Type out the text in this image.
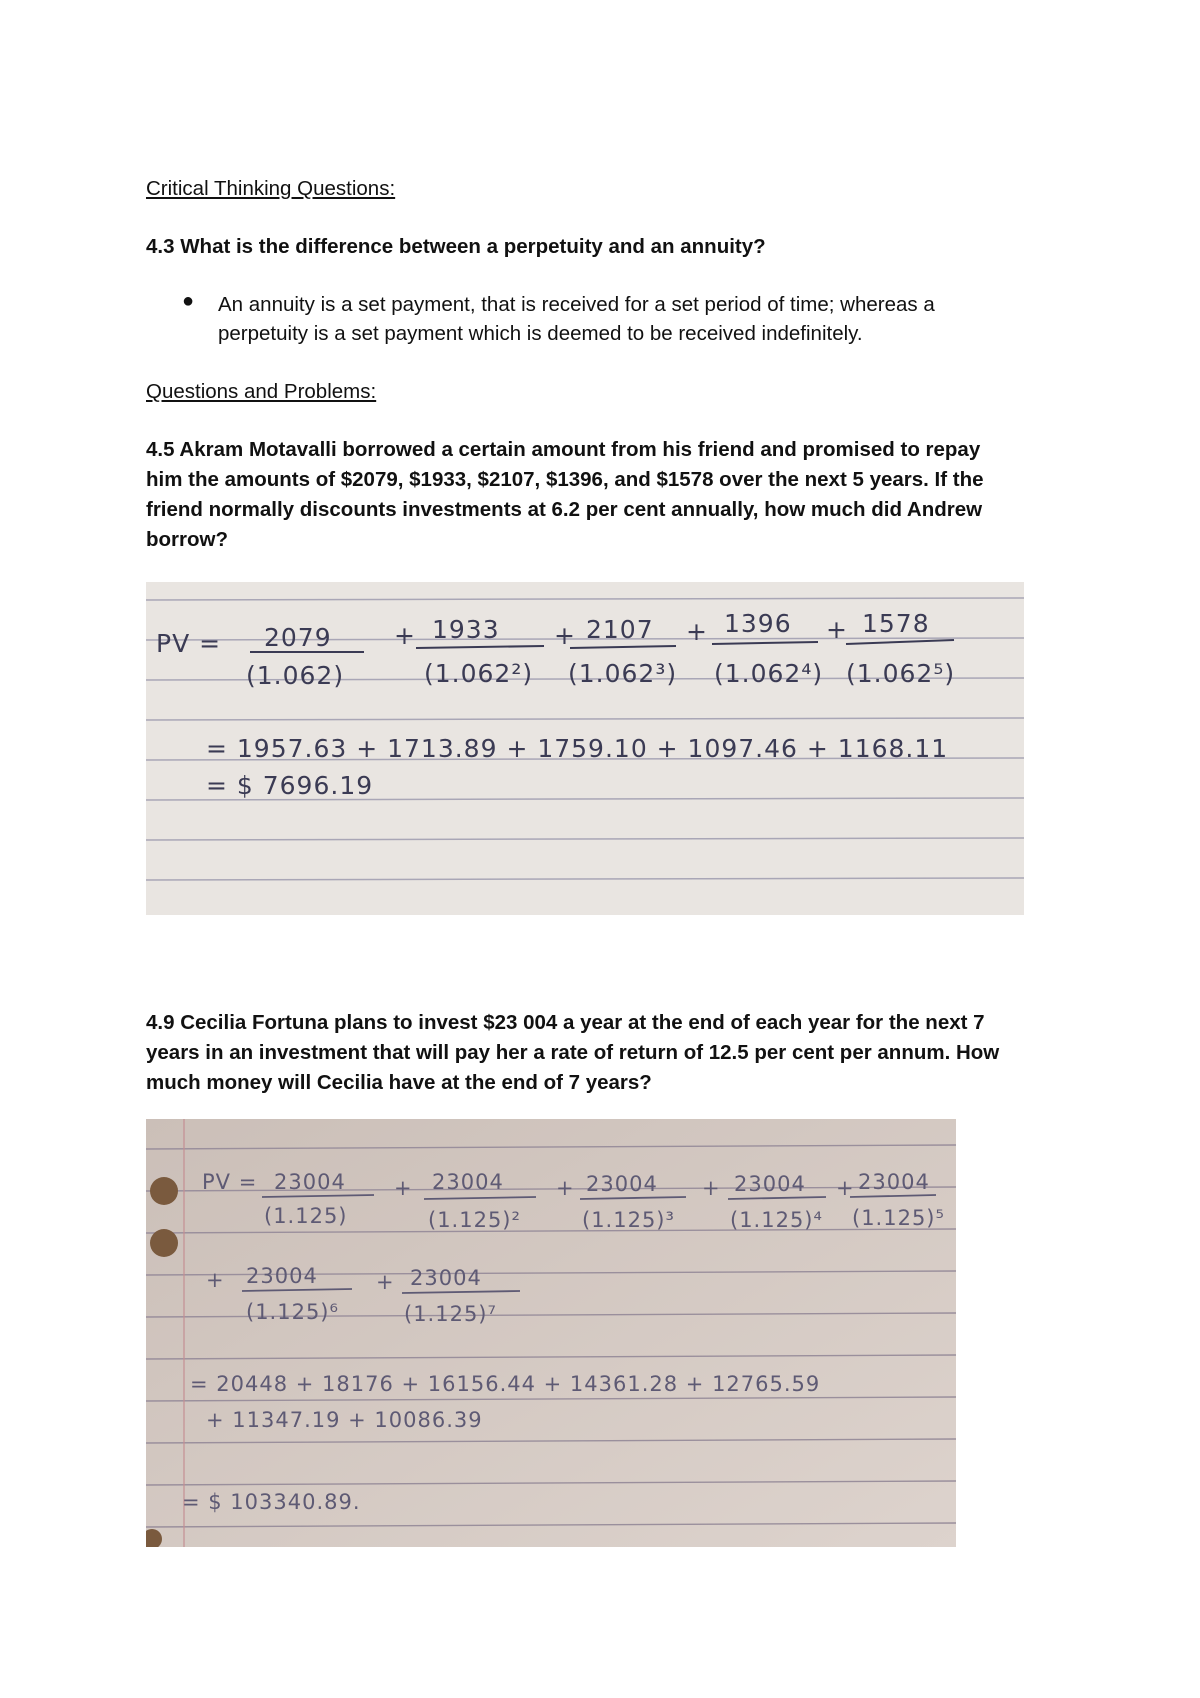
Critical Thinking Questions:
4.3 What is the difference between a perpetuity and an annuity?
● An annuity is a set payment, that is received for a set period of time; whereas a
perpetuity is a set payment which is deemed to be received indefinitely.
Questions and Problems:
4.5 Akram Motavalli borrowed a certain amount from his friend and promised to repay
him the amounts of $2079, $1933, $2107, $1396, and $1578 over the next 5 years. If the
friend normally discounts investments at 6.2 per cent annually, how much did Andrew
borrow?
PV = 2079
(1.062)
+ 1933
(1.062²)
+ 2107
(1.062³)
+ 1396
(1.062⁴)
+ 1578
(1.062⁵)
= 1957.63 + 1713.89 + 1759.10 + 1097.46 + 1168.11
= $ 7696.19
4.9 Cecilia Fortuna plans to invest $23 004 a year at the end of each year for the next 7
years in an investment that will pay her a rate of return of 12.5 per cent per annum. How
much money will Cecilia have at the end of 7 years?
PV = 23004
(1.125)
+ 23004
(1.125)²
+ 23004
(1.125)³
+ 23004
(1.125)⁴
+ 23004
(1.125)⁵
+ 23004
(1.125)⁶
+ 23004
(1.125)⁷
= 20448 + 18176 + 16156.44 + 14361.28 + 12765.59
+ 11347.19 + 10086.39
= $ 103340.89.
